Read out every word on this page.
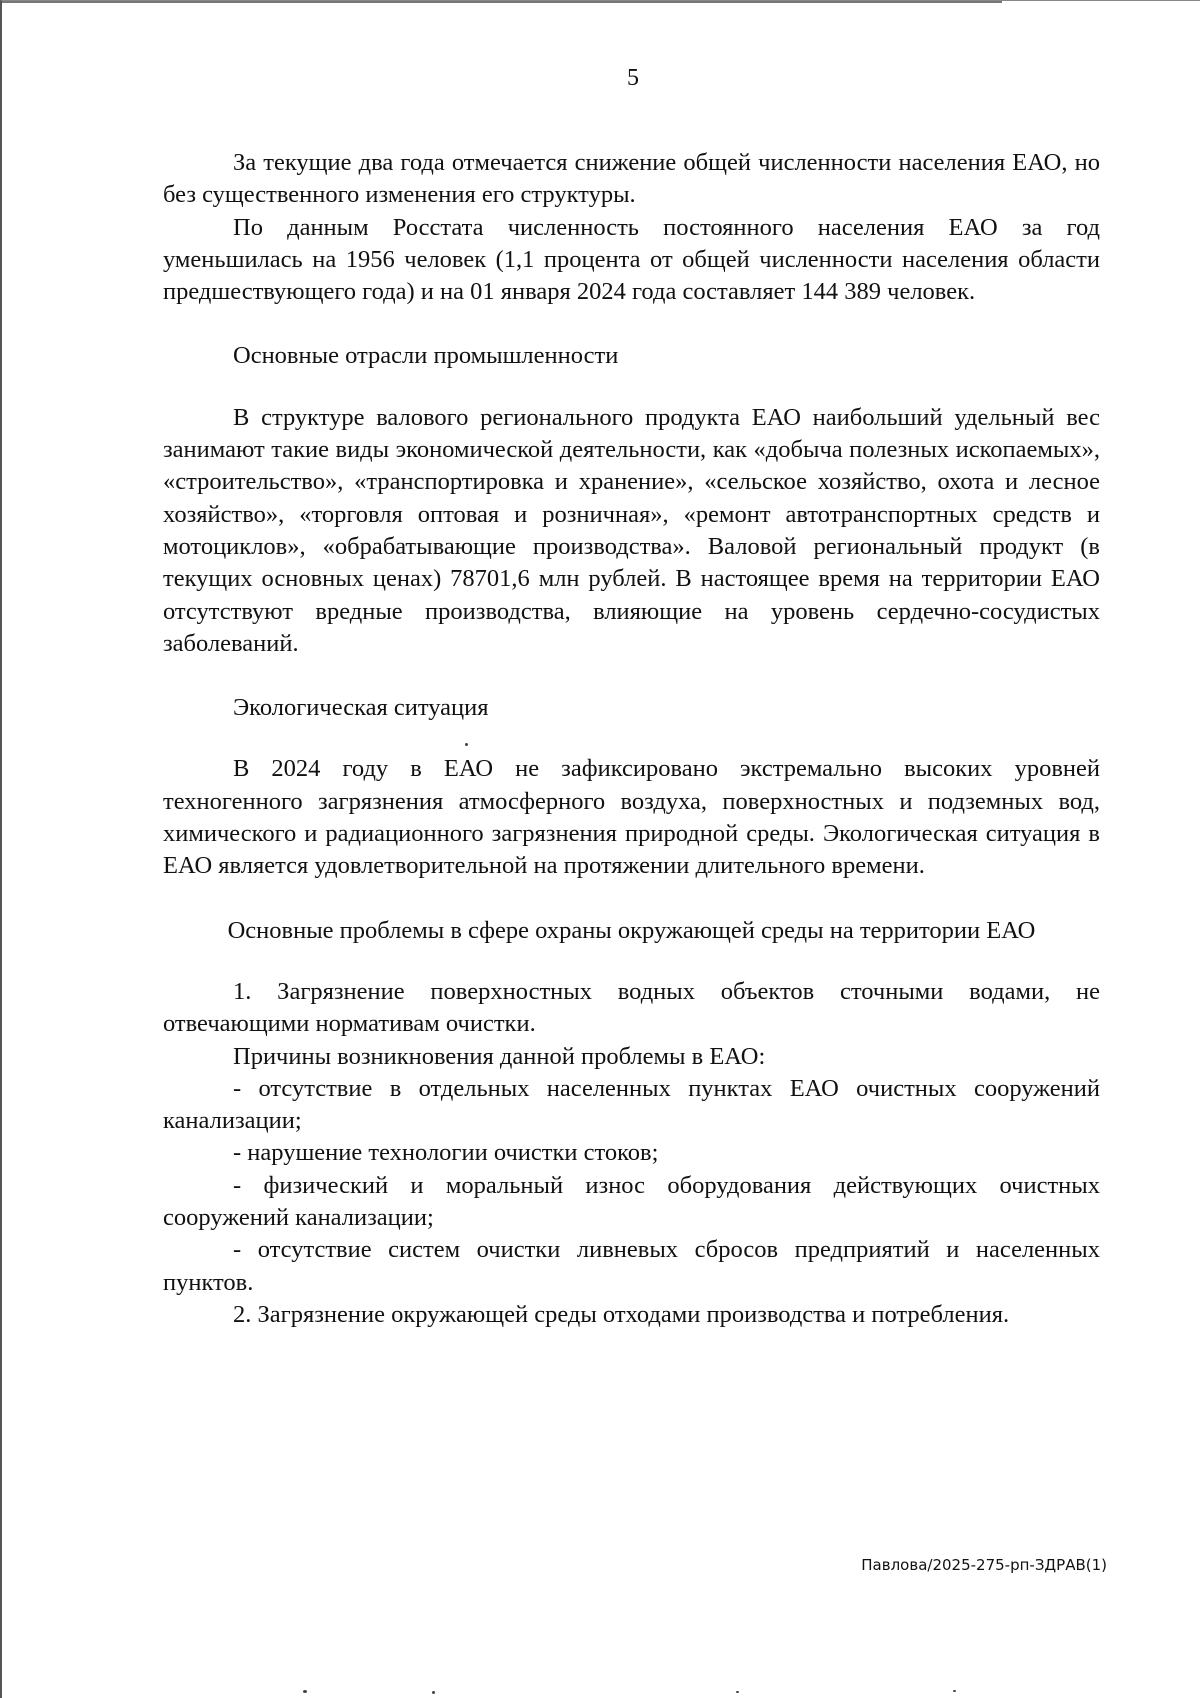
5

За текущие два года отмечается снижение общей численности населения ЕАО, но без существенного изменения его структуры.

По данным Росстата численность постоянного населения ЕАО за год уменьшилась на 1956 человек (1,1 процента от общей численности населения области предшествующего года) и на 01 января 2024 года составляет 144 389 человек.

Основные отрасли промышленности

В структуре валового регионального продукта ЕАО наибольший удельный вес занимают такие виды экономической деятельности, как «добыча полезных ископаемых», «строительство», «транспортировка и хранение», «сельское хозяйство, охота и лесное хозяйство», «торговля оптовая и розничная», «ремонт автотранспортных средств и мотоциклов», «обрабатывающие производства». Валовой региональный продукт (в текущих основных ценах) 78701,6 млн рублей. В настоящее время на территории ЕАО отсутствуют вредные производства, влияющие на уровень сердечно-сосудистых заболеваний.

Экологическая ситуация

В 2024 году в ЕАО не зафиксировано экстремально высоких уровней техногенного загрязнения атмосферного воздуха, поверхностных и подземных вод, химического и радиационного загрязнения природной среды. Экологическая ситуация в ЕАО является удовлетворительной на протяжении длительного времени.

Основные проблемы в сфере охраны окружающей среды на территории ЕАО

1. Загрязнение поверхностных водных объектов сточными водами, не отвечающими нормативам очистки.

Причины возникновения данной проблемы в ЕАО:

- отсутствие в отдельных населенных пунктах ЕАО очистных сооружений канализации;

- нарушение технологии очистки стоков;

- физический и моральный износ оборудования действующих очистных сооружений канализации;

- отсутствие систем очистки ливневых сбросов предприятий и населенных пунктов.

2. Загрязнение окружающей среды отходами производства и потребления.

Павлова/2025-275-рп-ЗДРАВ(1)
